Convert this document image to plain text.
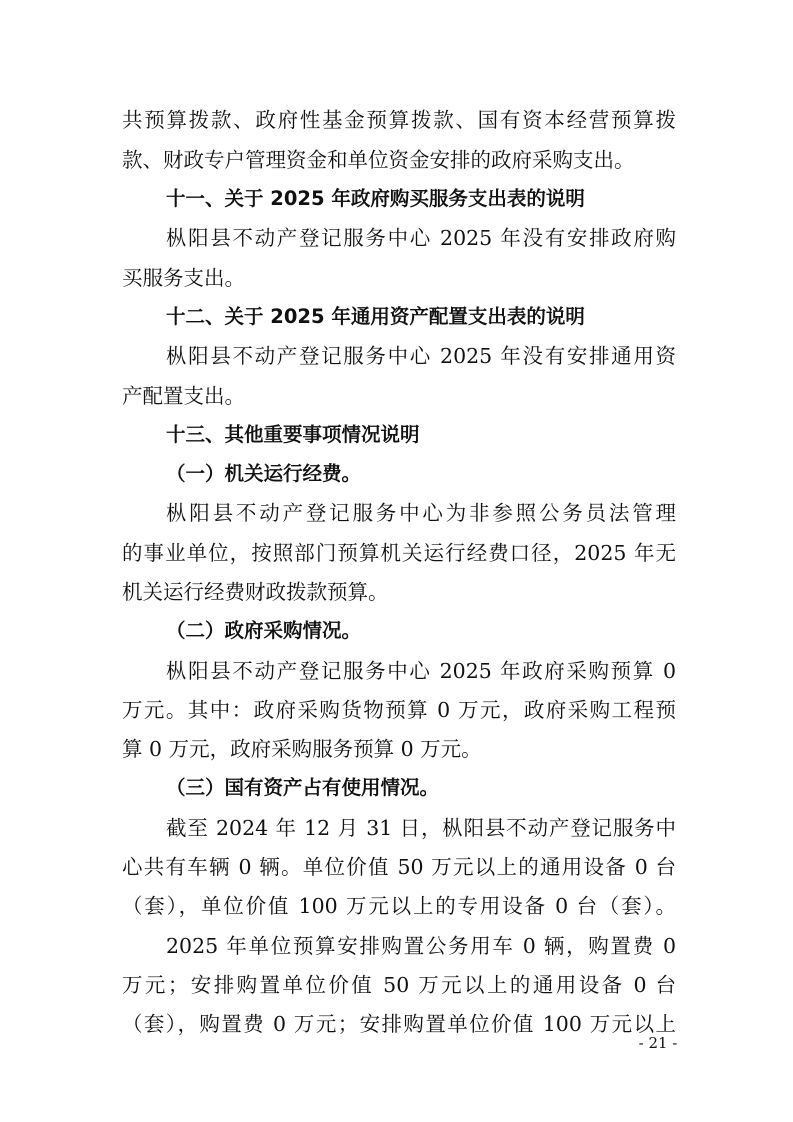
共预算拨款、政府性基金预算拨款、国有资本经营预算拨
款、财政专户管理资金和单位资金安排的政府采购支出。
十一、关于 2025 年政府购买服务支出表的说明
枞阳县不动产登记服务中心 2025 年没有安排政府购
买服务支出。
十二、关于 2025 年通用资产配置支出表的说明
枞阳县不动产登记服务中心 2025 年没有安排通用资
产配置支出。
十三、其他重要事项情况说明
（一）机关运行经费。
枞阳县不动产登记服务中心为非参照公务员法管理
的事业单位，按照部门预算机关运行经费口径，2025 年无
机关运行经费财政拨款预算。
（二）政府采购情况。
枞阳县不动产登记服务中心 2025 年政府采购预算 0
万元。其中：政府采购货物预算 0 万元，政府采购工程预
算 0 万元，政府采购服务预算 0 万元。
（三）国有资产占有使用情况。
截至 2024 年 12 月 31 日，枞阳县不动产登记服务中
心共有车辆 0 辆。单位价值 50 万元以上的通用设备 0 台
（套），单位价值 100 万元以上的专用设备 0 台（套）。
2025 年单位预算安排购置公务用车 0 辆，购置费 0
万元；安排购置单位价值 50 万元以上的通用设备 0 台
（套），购置费 0 万元；安排购置单位价值 100 万元以上
- 21 -
